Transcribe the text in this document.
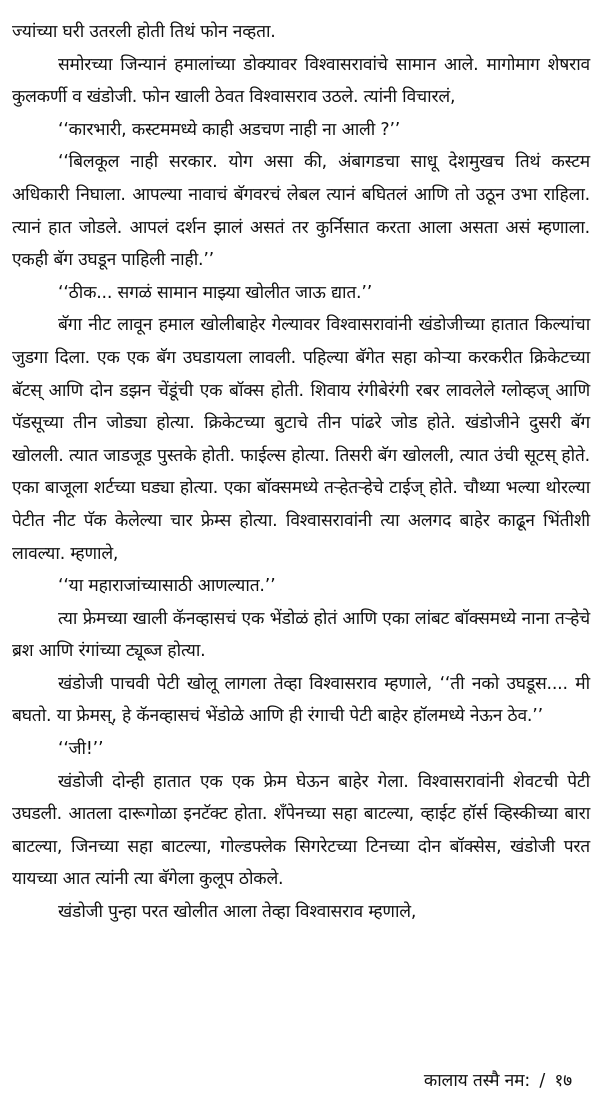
ज्यांच्या घरी उतरली होती तिथं फोन नव्हता.

समोरच्या जिन्यानं हमालांच्या डोक्यावर विश्वासरावांचे सामान आले. मागोमाग शेषराव कुलकर्णी व खंडोजी. फोन खाली ठेवत विश्वासराव उठले. त्यांनी विचारलं,

‘‘कारभारी, कस्टममध्ये काही अडचण नाही ना आली ?’’

‘‘बिलकूल नाही सरकार. योग असा की, अंबागडचा साधू देशमुखच तिथं कस्टम अधिकारी निघाला. आपल्या नावाचं बॅगवरचं लेबल त्यानं बघितलं आणि तो उठून उभा राहिला. त्यानं हात जोडले. आपलं दर्शन झालं असतं तर कुर्निसात करता आला असता असं म्हणाला. एकही बॅग उघडून पाहिली नाही.’’

‘‘ठीक... सगळं सामान माझ्या खोलीत जाऊ द्यात.’’

बॅगा नीट लावून हमाल खोलीबाहेर गेल्यावर विश्वासरावांनी खंडोजीच्या हातात किल्यांचा जुडगा दिला. एक एक बॅग उघडायला लावली. पहिल्या बॅगेत सहा कोऱ्या करकरीत क्रिकेटच्या बॅटस् आणि दोन डझन चेंडूंची एक बॉक्स होती. शिवाय रंगीबेरंगी रबर लावलेले ग्लोव्हज् आणि पॅडसूच्या तीन जोड्या होत्या. क्रिकेटच्या बुटाचे तीन पांढरे जोड होते. खंडोजीने दुसरी बॅग खोलली. त्यात जाडजूड पुस्तके होती. फाईल्स होत्या. तिसरी बॅग खोलली, त्यात उंची सूटस् होते. एका बाजूला शर्टच्या घड्या होत्या. एका बॉक्समध्ये तऱ्हेतऱ्हेचे टाईज् होते. चौथ्या भल्या थोरल्या पेटीत नीट पॅक केलेल्या चार फ्रेम्स होत्या. विश्वासरावांनी त्या अलगद बाहेर काढून भिंतीशी लावल्या. म्हणाले,

‘‘या महाराजांच्यासाठी आणल्यात.’’

त्या फ्रेमच्या खाली कॅनव्हासचं एक भेंडोळं होतं आणि एका लांबट बॉक्समध्ये नाना तऱ्हेचे ब्रश आणि रंगांच्या ट्यूब्ज होत्या.

खंडोजी पाचवी पेटी खोलू लागला तेव्हा विश्वासराव म्हणाले, ‘‘ती नको उघडूस.... मी बघतो. या फ्रेमस्, हे कॅनव्हासचं भेंडोळे आणि ही रंगाची पेटी बाहेर हॉलमध्ये नेऊन ठेव.’’

‘‘जी!’’

खंडोजी दोन्ही हातात एक एक फ्रेम घेऊन बाहेर गेला. विश्वासरावांनी शेवटची पेटी उघडली. आतला दारूगोळा इनटॅक्ट होता. शँपेनच्या सहा बाटल्या, व्हाईट हॉर्स व्हिस्कीच्या बारा बाटल्या, जिनच्या सहा बाटल्या, गोल्डफ्लेक सिगरेटच्या टिनच्या दोन बॉक्सेस, खंडोजी परत यायच्या आत त्यांनी त्या बॅगेला कुलूप ठोकले.

खंडोजी पुन्हा परत खोलीत आला तेव्हा विश्वासराव म्हणाले,

कालाय तस्मै नम: / १७
